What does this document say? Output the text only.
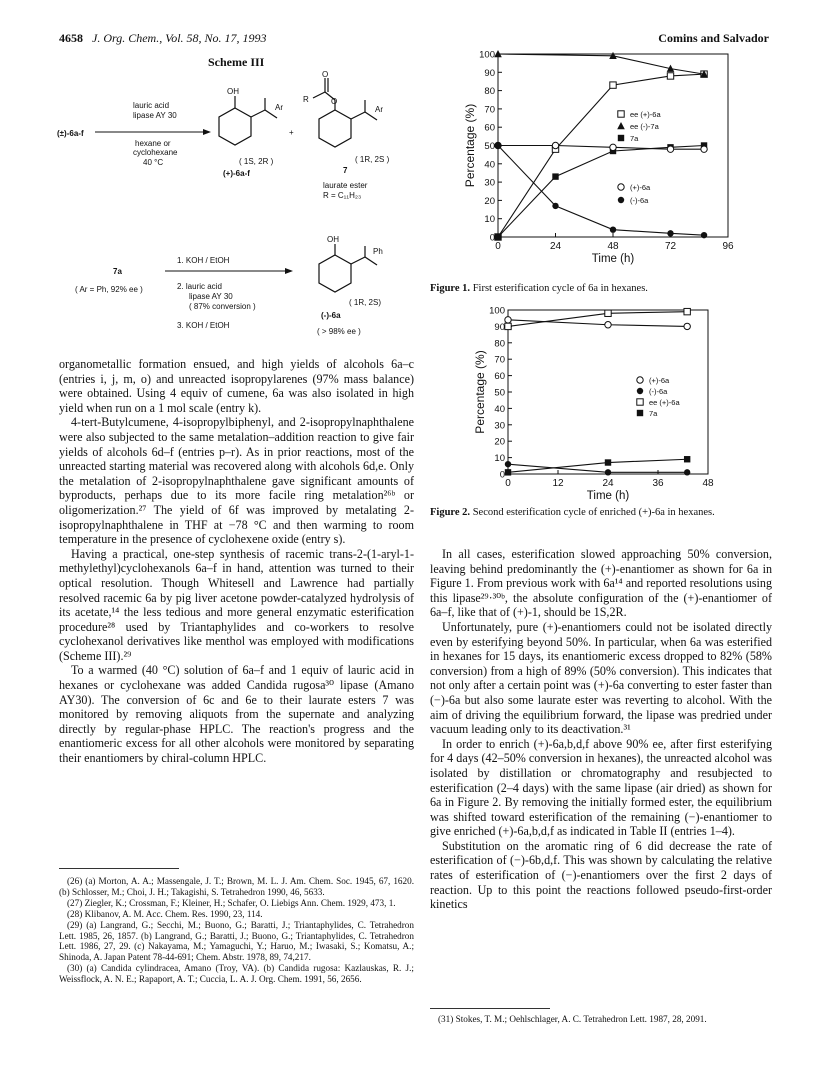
4658 J. Org. Chem., Vol. 58, No. 17, 1993	Comins and Salvador
Scheme III
(±)-6a-f
lauric acid
lipase AY 30
hexane or
cyclohexane
40 °C
OH
Ar
( 1S, 2R )
(+)-6a-f
+
O
R	O
Ar
7
( 1R, 2S )
laurate ester
R = C₁₁H₂₃
7a
( Ar = Ph, 92% ee )
1. KOH / EtOH
2. lauric acid
lipase AY 30
( 87% conversion )
3. KOH / EtOH
OH
Ph
( 1R, 2S)
(-)-6a
( > 98% ee )

organometallic formation ensued, and high yields of alcohols 6a–c (entries i, j, m, o) and unreacted isopropylarenes (97% mass balance) were obtained. Using 4 equiv of cumene, 6a was also isolated in high yield when run on a 1 mol scale (entry k).

4-tert-Butylcumene, 4-isopropylbiphenyl, and 2-isopropylnaphthalene were also subjected to the same metalation–addition reaction to give fair yields of alcohols 6d–f (entries p–r). As in prior reactions, most of the unreacted starting material was recovered along with alcohols 6d,e. Only the metalation of 2-isopropylnaphthalene gave significant amounts of byproducts, perhaps due to its more facile ring metalation²⁶ᵇ or oligomerization.²⁷ The yield of 6f was improved by metalating 2-isopropylnaphthalene in THF at −78 °C and then warming to room temperature in the presence of cyclohexene oxide (entry s).

Having a practical, one-step synthesis of racemic trans-2-(1-aryl-1-methylethyl)cyclohexanols 6a–f in hand, attention was turned to their optical resolution. Though Whitesell and Lawrence had partially resolved racemic 6a by pig liver acetone powder-catalyzed hydrolysis of its acetate,¹⁴ the less tedious and more general enzymatic esterification procedure²⁸ used by Triantaphylides and co-workers to resolve cyclohexanol derivatives like menthol was employed with modifications (Scheme III).²⁹

To a warmed (40 °C) solution of 6a–f and 1 equiv of lauric acid in hexanes or cyclohexane was added Candida rugosa³⁰ lipase (Amano AY30). The conversion of 6c and 6e to their laurate esters 7 was monitored by removing aliquots from the supernate and analyzing directly by regular-phase HPLC. The reaction's progress and the enantiomeric excess for all other alcohols were monitored by separating their enantiomers by chiral-column HPLC.

(26) (a) Morton, A. A.; Massengale, J. T.; Brown, M. L. J. Am. Chem. Soc. 1945, 67, 1620. (b) Schlosser, M.; Choi, J. H.; Takagishi, S. Tetrahedron 1990, 46, 5633.

(27) Ziegler, K.; Crossman, F.; Kleiner, H.; Schafer, O. Liebigs Ann. Chem. 1929, 473, 1.

(28) Klibanov, A. M. Acc. Chem. Res. 1990, 23, 114.

(29) (a) Langrand, G.; Secchi, M.; Buono, G.; Baratti, J.; Triantaphylides, C. Tetrahedron Lett. 1985, 26, 1857. (b) Langrand, G.; Baratti, J.; Buono, G.; Triantaphylides, C. Tetrahedron Lett. 1986, 27, 29. (c) Nakayama, M.; Yamaguchi, Y.; Haruo, M.; Iwasaki, S.; Komatsu, A.; Shinoda, A. Japan Patent 78-44-691; Chem. Abstr. 1978, 89, 74,217.

(30) (a) Candida cylindracea, Amano (Troy, VA). (b) Candida rugosa: Kazlauskas, R. J.; Weissflock, A. N. E.; Rapaport, A. T.; Cuccia, L. A. J. Org. Chem. 1991, 56, 2656.

0
10
20
30
40
50
60
70
80
90
100
0	24	48	72	96
Time (h)
Percentage (%)	ee (+)-6a
ee (-)-7a
7a
(+)-6a
(-)-6a
Figure 1. First esterification cycle of 6a in hexanes.
0
10
20
30
40
50
60
70
80
90
100
0	12	24	36	48
Time (h)
Percentage (%)	(+)-6a
(-)-6a
ee (+)-6a
7a
Figure 2. Second esterification cycle of enriched (+)-6a in hexanes.

In all cases, esterification slowed approaching 50% conversion, leaving behind predominantly the (+)-enantiomer as shown for 6a in Figure 1. From previous work with 6a¹⁴ and reported resolutions using this lipase²⁹·³⁰ᵇ, the absolute configuration of the (+)-enantiomer of 6a–f, like that of (+)-1, should be 1S,2R.

Unfortunately, pure (+)-enantiomers could not be isolated directly even by esterifying beyond 50%. In particular, when 6a was esterified in hexanes for 15 days, its enantiomeric excess dropped to 82% (58% conversion) from a high of 89% (50% conversion). This indicates that not only after a certain point was (+)-6a converting to ester faster than (−)-6a but also some laurate ester was reverting to alcohol. With the aim of driving the equilibrium forward, the lipase was predried under vacuum leading only to its deactivation.³¹

In order to enrich (+)-6a,b,d,f above 90% ee, after first esterifying for 4 days (42–50% conversion in hexanes), the unreacted alcohol was isolated by distillation or chromatography and resubjected to esterification (2–4 days) with the same lipase (air dried) as shown for 6a in Figure 2. By removing the initially formed ester, the equilibrium was shifted toward esterification of the remaining (−)-enantiomer to give enriched (+)-6a,b,d,f as indicated in Table II (entries 1–4).

Substitution on the aromatic ring of 6 did decrease the rate of esterification of (−)-6b,d,f. This was shown by calculating the relative rates of esterification of (−)-enantiomers over the first 2 days of reaction. Up to this point the reactions followed pseudo-first-order kinetics

(31) Stokes, T. M.; Oehlschlager, A. C. Tetrahedron Lett. 1987, 28, 2091.
